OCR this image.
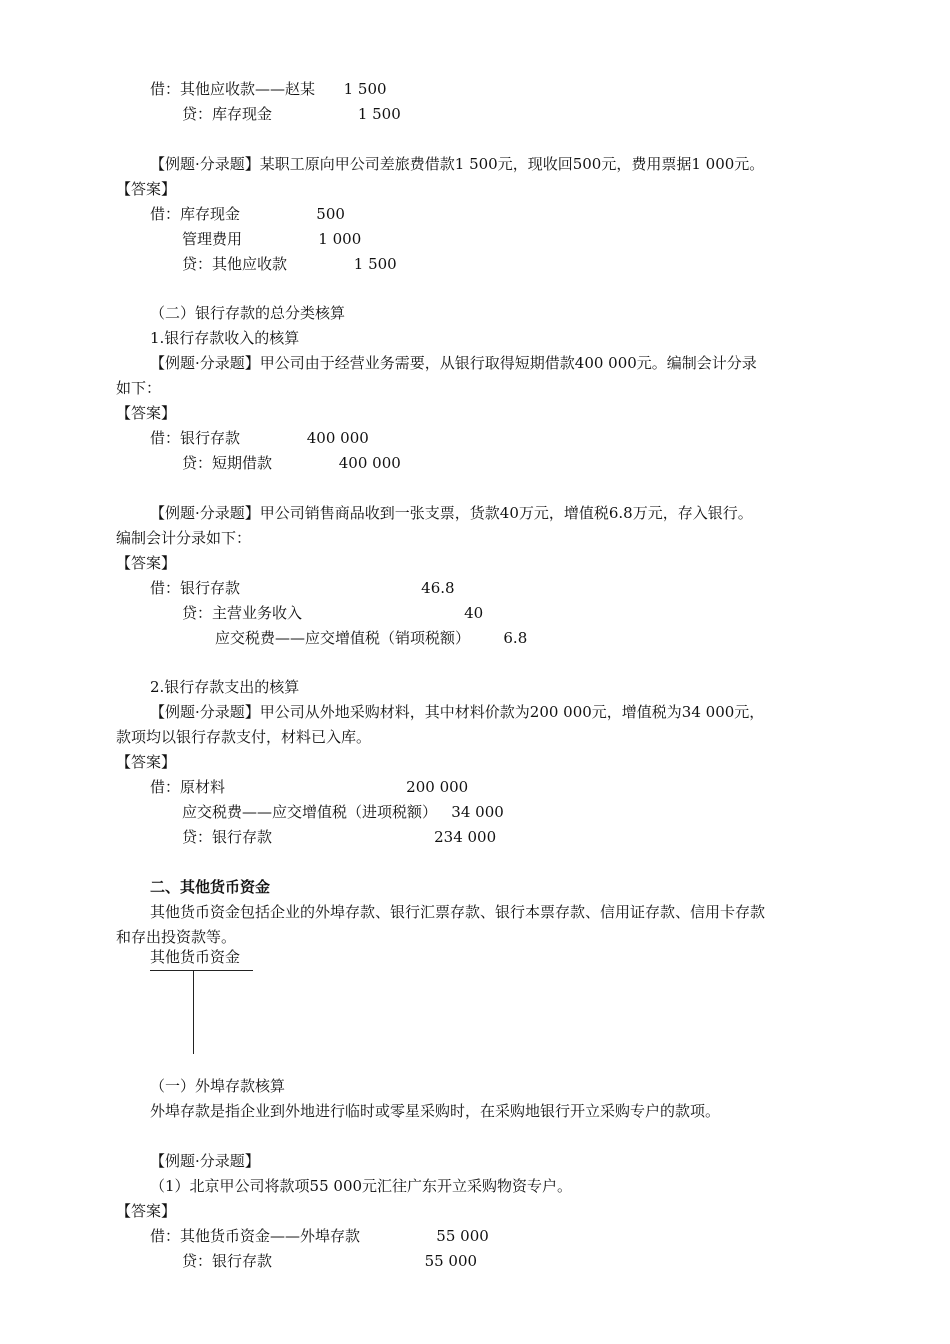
借：其他应收款——赵某      1 500
贷：库存现金                  1 500
【例题·分录题】某职工原向甲公司差旅费借款1 500元，现收回500元，费用票据1 000元。
【答案】
借：库存现金                500
管理费用                1 000
贷：其他应收款              1 500
（二）银行存款的总分类核算
1.银行存款收入的核算
【例题·分录题】甲公司由于经营业务需要，从银行取得短期借款400 000元。编制会计分录
如下：
【答案】
借：银行存款              400 000
贷：短期借款              400 000
【例题·分录题】甲公司销售商品收到一张支票，货款40万元，增值税6.8万元，存入银行。
编制会计分录如下：
【答案】
借：银行存款                                      46.8
贷：主营业务收入                                  40
应交税费——应交增值税（销项税额）       6.8
2.银行存款支出的核算
【例题·分录题】甲公司从外地采购材料，其中材料价款为200 000元，增值税为34 000元，
款项均以银行存款支付，材料已入库。
【答案】
借：原材料                                      200 000
应交税费——应交增值税（进项税额）   34 000
贷：银行存款                                  234 000
二、其他货币资金
其他货币资金包括企业的外埠存款、银行汇票存款、银行本票存款、信用证存款、信用卡存款
和存出投资款等。
（一）外埠存款核算
外埠存款是指企业到外地进行临时或零星采购时，在采购地银行开立采购专户的款项。
【例题·分录题】
（1）北京甲公司将款项55 000元汇往广东开立采购物资专户。
【答案】
借：其他货币资金——外埠存款                55 000
贷：银行存款                                55 000
其他货币资金
